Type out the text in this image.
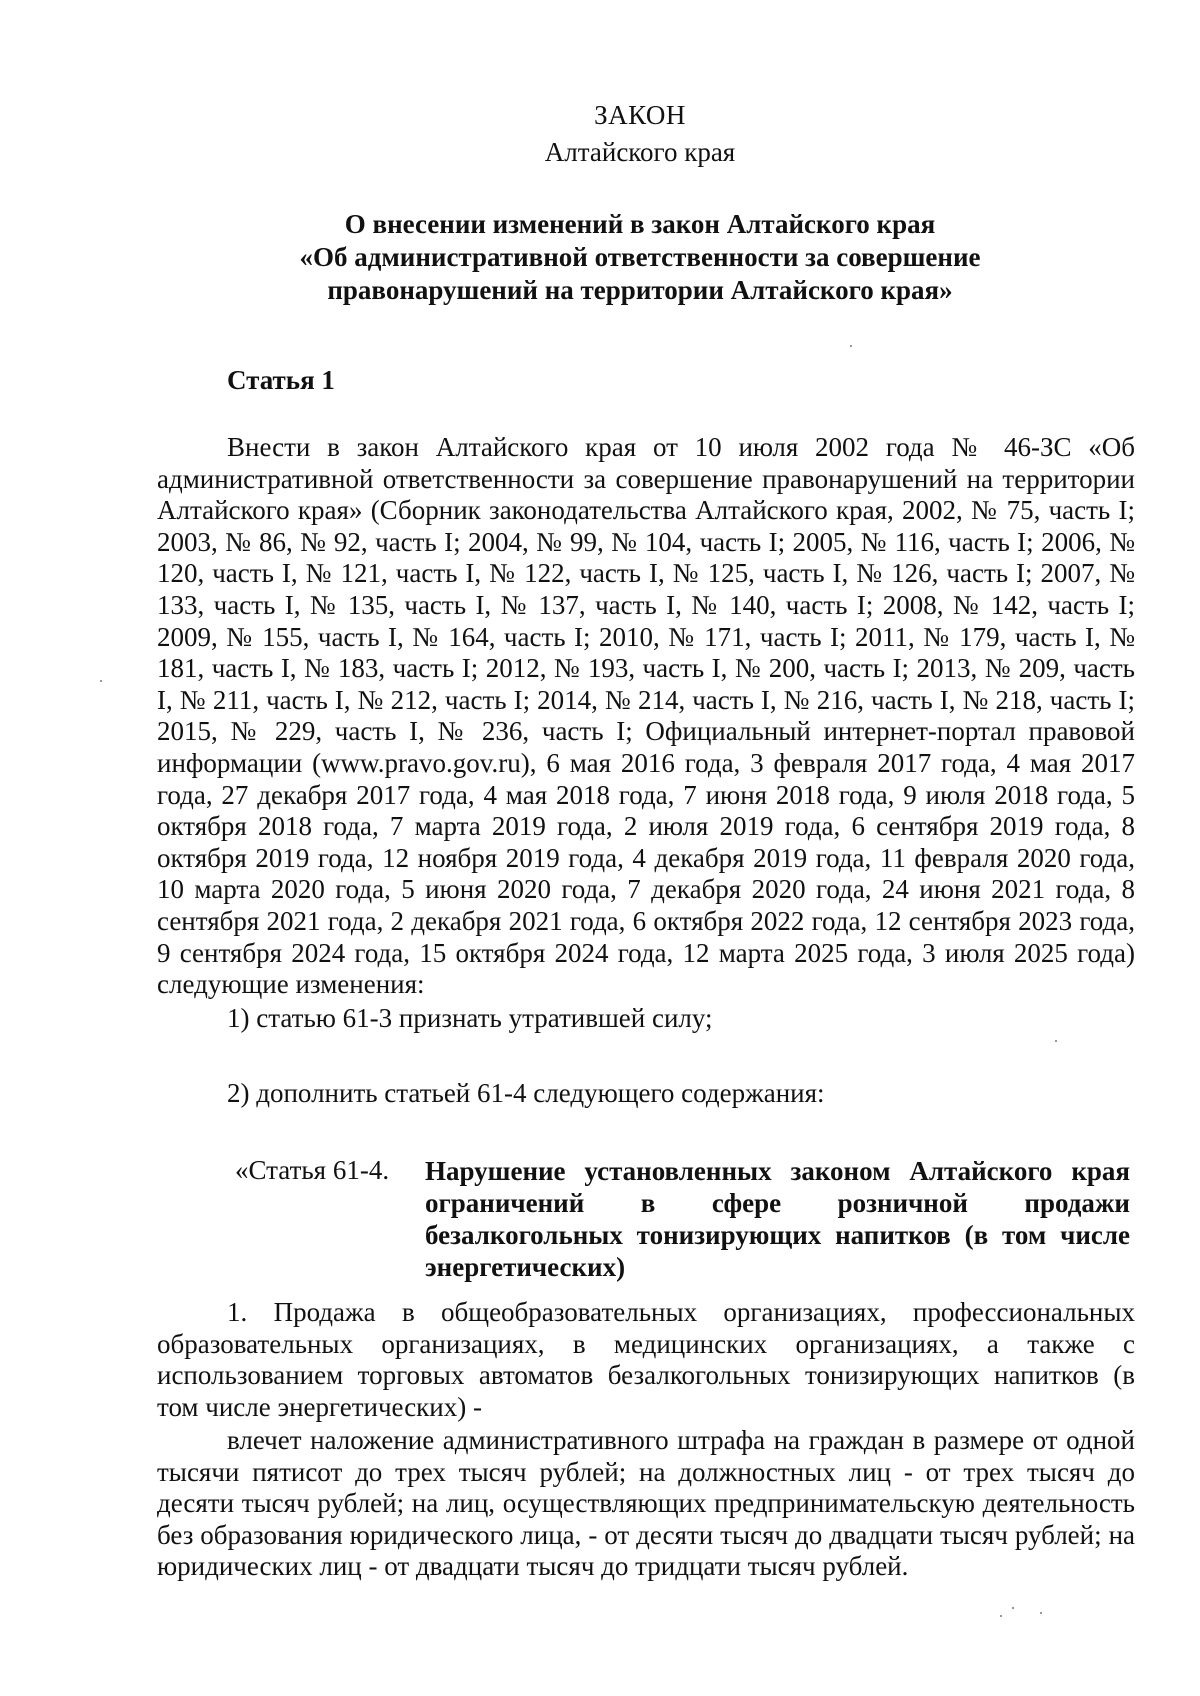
ЗАКОН
Алтайского края
О внесении изменений в закон Алтайского края
«Об административной ответственности за совершение
правонарушений на территории Алтайского края»
Статья 1

Внести в закон Алтайского края от 10 июля 2002 года № 46-ЗС «Об административной ответственности за совершение правонарушений на территории Алтайского края» (Сборник законодательства Алтайского края, 2002, № 75, часть I; 2003, № 86, № 92, часть I; 2004, № 99, № 104, часть I; 2005, № 116, часть I; 2006, № 120, часть I, № 121, часть I, № 122, часть I, № 125, часть I, № 126, часть I; 2007, № 133, часть I, № 135, часть I, № 137, часть I, № 140, часть I; 2008, № 142, часть I; 2009, № 155, часть I, № 164, часть I; 2010, № 171, часть I; 2011, № 179, часть I, № 181, часть I, № 183, часть I; 2012, № 193, часть I, № 200, часть I; 2013, № 209, часть I, № 211, часть I, № 212, часть I; 2014, № 214, часть I, № 216, часть I, № 218, часть I; 2015, № 229, часть I, № 236, часть I; Официальный интернет-портал правовой информации (www.pravo.gov.ru), 6 мая 2016 года, 3 февраля 2017 года, 4 мая 2017 года, 27 декабря 2017 года, 4 мая 2018 года, 7 июня 2018 года, 9 июля 2018 года, 5 октября 2018 года, 7 марта 2019 года, 2 июля 2019 года, 6 сентября 2019 года, 8 октября 2019 года, 12 ноября 2019 года, 4 декабря 2019 года, 11 февраля 2020 года, 10 марта 2020 года, 5 июня 2020 года, 7 декабря 2020 года, 24 июня 2021 года, 8 сентября 2021 года, 2 декабря 2021 года, 6 октября 2022 года, 12 сентября 2023 года, 9 сентября 2024 года, 15 октября 2024 года, 12 марта 2025 года, 3 июля 2025 года) следующие изменения:

1) статью 61-3 признать утратившей силу;
2) дополнить статьей 61-4 следующего содержания:
«Статья 61-4. Нарушение установленных законом Алтайского края ограничений в сфере розничной продажи безалкогольных тонизирующих напитков (в том числе энергетических)

1. Продажа в общеобразовательных организациях, профессиональных образовательных организациях, в медицинских организациях, а также с использованием торговых автоматов безалкогольных тонизирующих напитков (в том числе энергетических) -

влечет наложение административного штрафа на граждан в размере от одной тысячи пятисот до трех тысяч рублей; на должностных лиц - от трех тысяч до десяти тысяч рублей; на лиц, осуществляющих предпринимательскую деятельность без образования юридического лица, - от десяти тысяч до двадцати тысяч рублей; на юридических лиц - от двадцати тысяч до тридцати тысяч рублей.
